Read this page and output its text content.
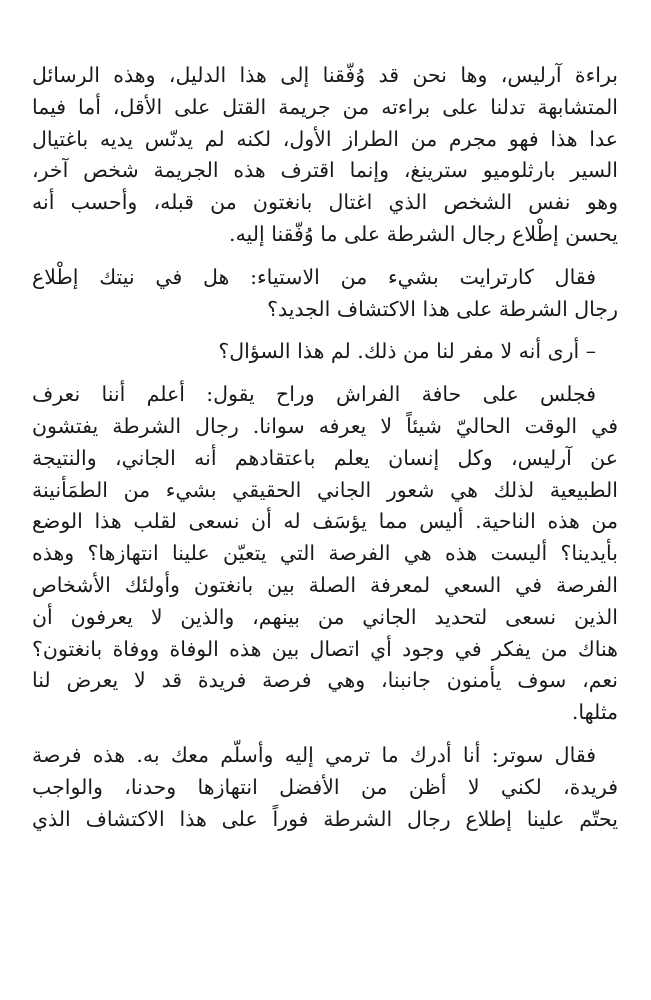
براءة آرليس، وها نحن قد وُفّقنا إلى هذا الدليل، وهذه الرسائل
المتشابهة تدلنا على براءته من جريمة القتل على الأقل، أما فيما
عدا هذا فهو مجرم من الطراز الأول، لكنه لم يدنّس يديه باغتيال
السير بارثلوميو سترينغ، وإنما اقترف هذه الجريمة شخص آخر،
وهو نفس الشخص الذي اغتال بانغتون من قبله، وأحسب أنه
يحسن إطْلاع رجال الشرطة على ما وُفّقنا إليه.
فقال كارترايت بشيء من الاستياء: هل في نيتك إطْلاع
رجال الشرطة على هذا الاكتشاف الجديد؟
– أرى أنه لا مفر لنا من ذلك. لم هذا السؤال؟
فجلس على حافة الفراش وراح يقول: أعلم أننا نعرف
في الوقت الحاليّ شيئاً لا يعرفه سوانا. رجال الشرطة يفتشون
عن آرليس، وكل إنسان يعلم باعتقادهم أنه الجاني، والنتيجة
الطبيعية لذلك هي شعور الجاني الحقيقي بشيء من الطمَأنينة
من هذه الناحية. أليس مما يؤسَف له أن نسعى لقلب هذا الوضع
بأيدينا؟ أليست هذه هي الفرصة التي يتعيّن علينا انتهازها؟ وهذه
الفرصة في السعي لمعرفة الصلة بين بانغتون وأولئك الأشخاص
الذين نسعى لتحديد الجاني من بينهم، والذين لا يعرفون أن
هناك من يفكر في وجود أي اتصال بين هذه الوفاة ووفاة بانغتون؟
نعم، سوف يأمنون جانبنا، وهي فرصة فريدة قد لا يعرض لنا
مثلها.
فقال سوتر: أنا أدرك ما ترمي إليه وأسلّم معك به. هذه فرصة
فريدة، لكني لا أظن من الأفضل انتهازها وحدنا، والواجب
يحتّم علينا إطلاع رجال الشرطة فوراً على هذا الاكتشاف الذي
